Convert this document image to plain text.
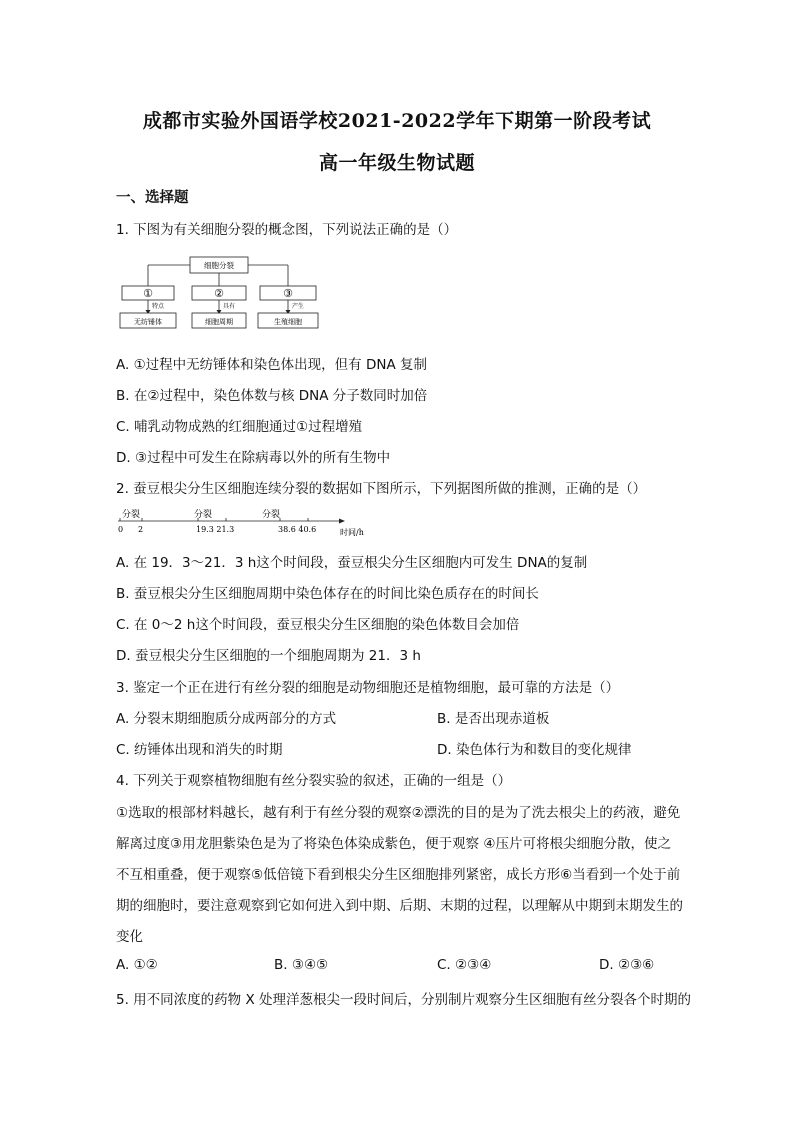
成都市实验外国语学校2021-2022学年下期第一阶段考试
高一年级生物试题
一、选择题
1. 下图为有关细胞分裂的概念图，下列说法正确的是（）
细胞分裂
①	②	③
特点	具有	产生
无纺锤体	细胞周期	生殖细胞
A. ①过程中无纺锤体和染色体出现，但有 DNA 复制
B. 在②过程中，染色体数与核 DNA 分子数同时加倍
C. 哺乳动物成熟的红细胞通过①过程增殖
D. ③过程中可发生在除病毒以外的所有生物中
2. 蚕豆根尖分生区细胞连续分裂的数据如下图所示，下列据图所做的推测，正确的是（）
分裂	分裂	分裂
0 2	19.3 21.3	38.6 40.6	时间/h
A. 在 19．3～21．3 h这个时间段，蚕豆根尖分生区细胞内可发生 DNA的复制
B. 蚕豆根尖分生区细胞周期中染色体存在的时间比染色质存在的时间长
C. 在 0～2 h这个时间段，蚕豆根尖分生区细胞的染色体数目会加倍
D. 蚕豆根尖分生区细胞的一个细胞周期为 21．3 h
3. 鉴定一个正在进行有丝分裂的细胞是动物细胞还是植物细胞，最可靠的方法是（）
A. 分裂末期细胞质分成两部分的方式	B. 是否出现赤道板
C. 纺锤体出现和消失的时期	D. 染色体行为和数目的变化规律
4. 下列关于观察植物细胞有丝分裂实验的叙述，正确的一组是（）
①选取的根部材料越长，越有利于有丝分裂的观察②漂洗的目的是为了洗去根尖上的药液，避免
解离过度③用龙胆紫染色是为了将染色体染成紫色，便于观察 ④压片可将根尖细胞分散，使之
不互相重叠，便于观察⑤低倍镜下看到根尖分生区细胞排列紧密，成长方形⑥当看到一个处于前
期的细胞时，要注意观察到它如何进入到中期、后期、末期的过程，以理解从中期到末期发生的
变化
A. ①②	B. ③④⑤	C. ②③④	D. ②③⑥
5. 用不同浓度的药物 X 处理洋葱根尖一段时间后，分别制片观察分生区细胞有丝分裂各个时期的
